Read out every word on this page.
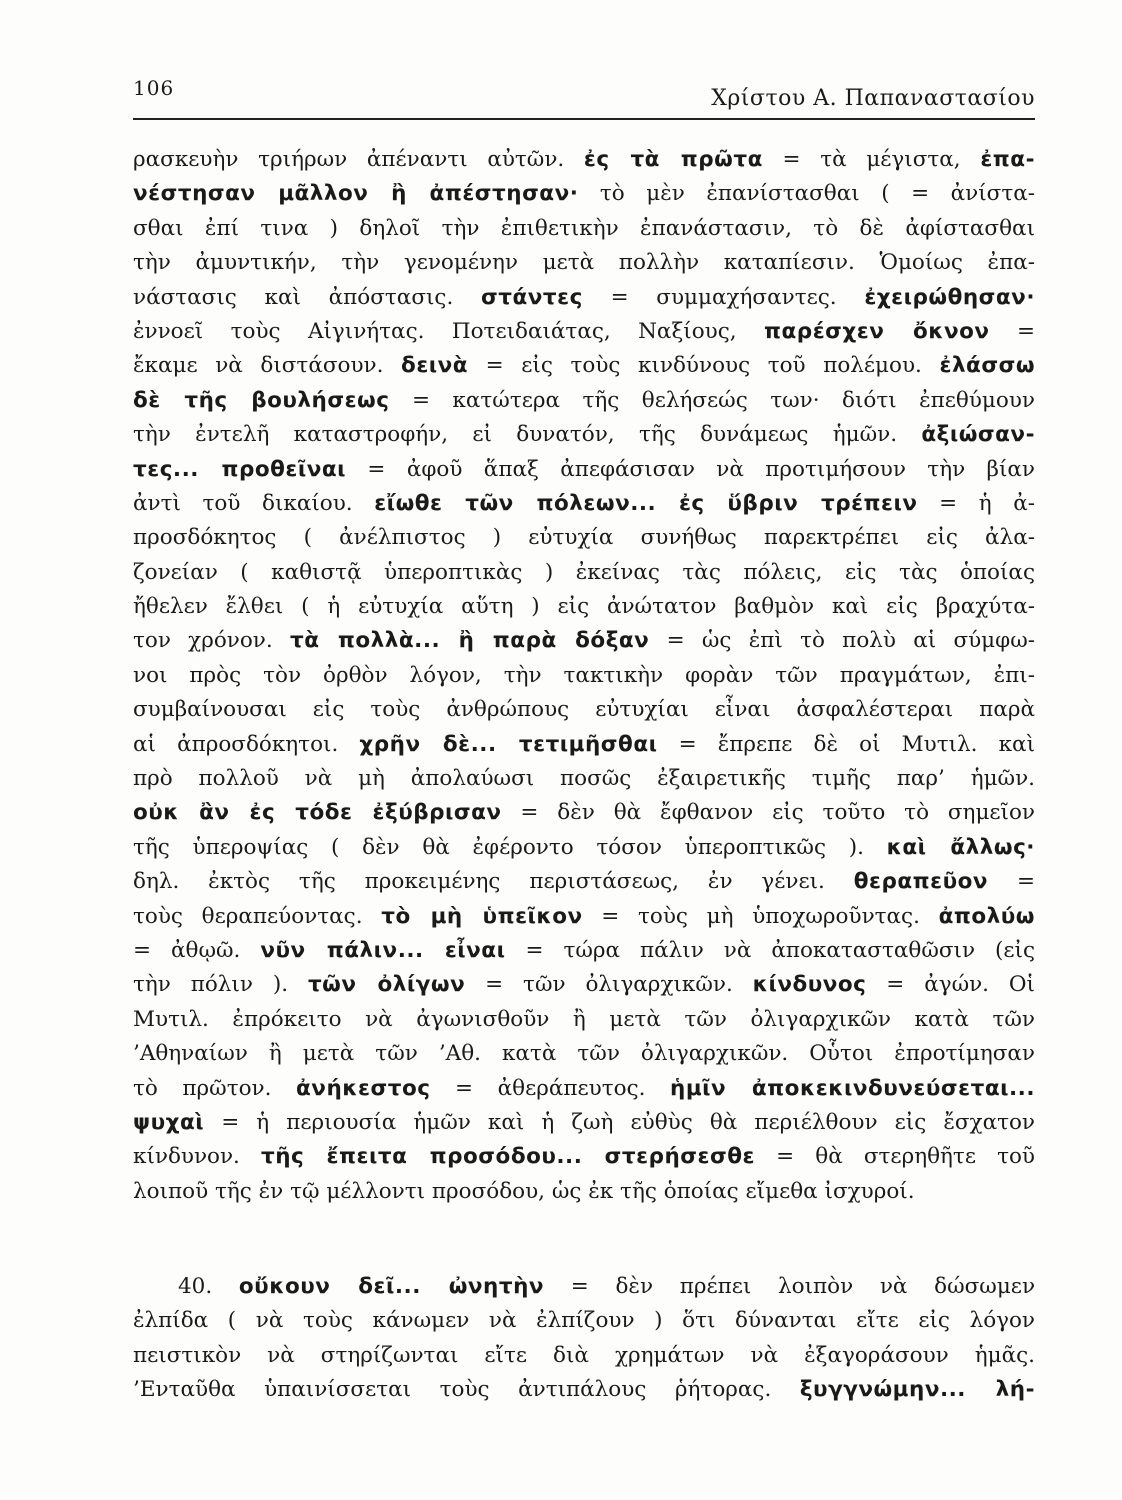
106	Χρίστου Α. Παπαναστασίου
ρασκευὴν τριήρων ἀπέναντι αὐτῶν. ἐς τὰ πρῶτα = τὰ μέγιστα, ἐπα-
νέστησαν μᾶλλον ἢ ἀπέστησαν· τὸ μὲν ἐπανίστασθαι ( = ἀνίστα-
σθαι ἐπί τινα ) δηλοῖ τὴν ἐπιθετικὴν ἐπανάστασιν, τὸ δὲ ἀφίστασθαι
τὴν ἀμυντικήν, τὴν γενομένην μετὰ πολλὴν καταπίεσιν. Ὁμοίως ἐπα-
νάστασις καὶ ἀπόστασις. στάντες = συμμαχήσαντες. ἐχειρώθησαν·
ἐννοεῖ τοὺς Αἰγινήτας. Ποτειδαιάτας, Ναξίους, παρέσχεν ὄκνον =
ἔκαμε νὰ διστάσουν. δεινὰ = εἰς τοὺς κινδύνους τοῦ πολέμου. ἐλάσσω
δὲ τῆς βουλήσεως = κατώτερα τῆς θελήσεώς των· διότι ἐπεθύμουν
τὴν ἐντελῆ καταστροφήν, εἰ δυνατόν, τῆς δυνάμεως ἡμῶν. ἀξιώσαν-
τες... προθεῖναι = ἀφοῦ ἅπαξ ἀπεφάσισαν νὰ προτιμήσουν τὴν βίαν
ἀντὶ τοῦ δικαίου. εἴωθε τῶν πόλεων... ἐς ὕβριν τρέπειν = ἡ ἀ-
προσδόκητος ( ἀνέλπιστος ) εὐτυχία συνήθως παρεκτρέπει εἰς ἀλα-
ζονείαν ( καθιστᾷ ὑπεροπτικὰς ) ἐκείνας τὰς πόλεις, εἰς τὰς ὁποίας
ἤθελεν ἔλθει ( ἡ εὐτυχία αὕτη ) εἰς ἀνώτατον βαθμὸν καὶ εἰς βραχύτα-
τον χρόνον. τὰ πολλὰ... ἢ παρὰ δόξαν = ὡς ἐπὶ τὸ πολὺ αἱ σύμφω-
νοι πρὸς τὸν ὀρθὸν λόγον, τὴν τακτικὴν φορὰν τῶν πραγμάτων, ἐπι-
συμβαίνουσαι εἰς τοὺς ἀνθρώπους εὐτυχίαι εἶναι ἀσφαλέστεραι παρὰ
αἱ ἀπροσδόκητοι. χρῆν δὲ... τετιμῆσθαι = ἔπρεπε δὲ οἱ Μυτιλ. καὶ
πρὸ πολλοῦ νὰ μὴ ἀπολαύωσι ποσῶς ἐξαιρετικῆς τιμῆς παρ’ ἡμῶν.
οὐκ ἂν ἐς τόδε ἐξύβρισαν = δὲν θὰ ἔφθανον εἰς τοῦτο τὸ σημεῖον
τῆς ὑπεροψίας ( δὲν θὰ ἐφέροντο τόσον ὑπεροπτικῶς ). καὶ ἄλλως·
δηλ. ἐκτὸς τῆς προκειμένης περιστάσεως, ἐν γένει. θεραπεῦον =
τοὺς θεραπεύοντας. τὸ μὴ ὑπεῖκον = τοὺς μὴ ὑποχωροῦντας. ἀπολύω
= ἀθῳῶ. νῦν πάλιν... εἶναι = τώρα πάλιν νὰ ἀποκατασταθῶσιν (εἰς
τὴν πόλιν ). τῶν ὀλίγων = τῶν ὀλιγαρχικῶν. κίνδυνος = ἀγών. Οἱ
Μυτιλ. ἐπρόκειτο νὰ ἀγωνισθοῦν ἢ μετὰ τῶν ὀλιγαρχικῶν κατὰ τῶν
’Αθηναίων ἢ μετὰ τῶν ’Αθ. κατὰ τῶν ὀλιγαρχικῶν. Οὗτοι ἐπροτίμησαν
τὸ πρῶτον. ἀνήκεστος = ἀθεράπευτος. ἡμῖν ἀποκεκινδυνεύσεται...
ψυχαὶ = ἡ περιουσία ἡμῶν καὶ ἡ ζωὴ εὐθὺς θὰ περιέλθουν εἰς ἔσχατον
κίνδυνον. τῆς ἔπειτα προσόδου... στερήσεσθε = θὰ στερηθῆτε τοῦ
λοιποῦ τῆς ἐν τῷ μέλλοντι προσόδου, ὡς ἐκ τῆς ὁποίας εἴμεθα ἰσχυροί.
40. οὔκουν δεῖ... ὠνητὴν = δὲν πρέπει λοιπὸν νὰ δώσωμεν
ἐλπίδα ( νὰ τοὺς κάνωμεν νὰ ἐλπίζουν ) ὅτι δύνανται εἴτε εἰς λόγον
πειστικὸν νὰ στηρίζωνται εἴτε διὰ χρημάτων νὰ ἐξαγοράσουν ἡμᾶς.
’Ενταῦθα ὑπαινίσσεται τοὺς ἀντιπάλους ῥήτορας. ξυγγνώμην... λή-
